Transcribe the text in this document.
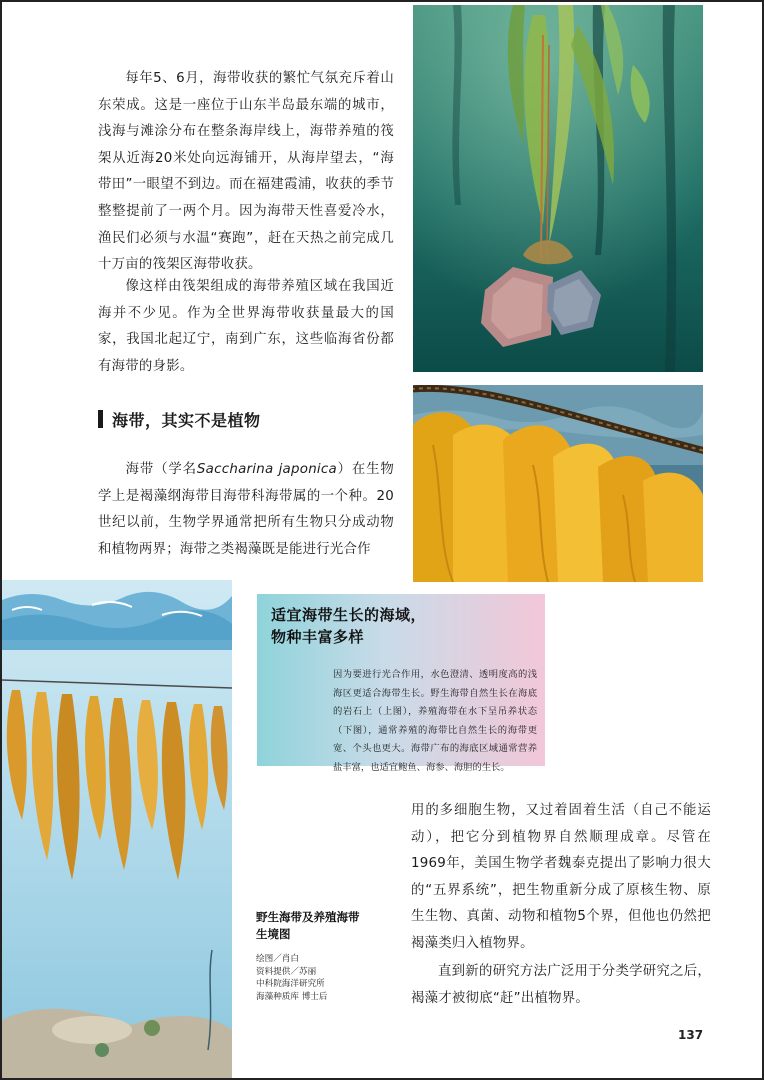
每年5、6月，海带收获的繁忙气氛充斥着山东荣成。这是一座位于山东半岛最东端的城市，浅海与滩涂分布在整条海岸线上，海带养殖的筏架从近海20米处向远海铺开，从海岸望去，“海带田”一眼望不到边。而在福建霞浦，收获的季节整整提前了一两个月。因为海带天性喜爱冷水，渔民们必须与水温“赛跑”，赶在天热之前完成几十万亩的筏架区海带收获。

像这样由筏架组成的海带养殖区域在我国近海并不少见。作为全世界海带收获量最大的国家，我国北起辽宁，南到广东，这些临海省份都有海带的身影。

海带，其实不是植物

海带（学名Saccharina japonica）在生物学上是褐藻纲海带目海带科海带属的一个种。20世纪以前，生物学界通常把所有生物只分成动物和植物两界；海带之类褐藻既是能进行光合作

适宜海带生长的海域，
物种丰富多样

因为要进行光合作用，水色澄清、透明度高的浅海区更适合海带生长。野生海带自然生长在海底的岩石上（上图），养殖海带在水下呈吊养状态（下图），通常养殖的海带比自然生长的海带更宽、个头也更大。海带广布的海底区域通常营养盐丰富，也适宜鲍鱼、海参、海胆的生长。

野生海带及养殖海带
生境图

绘图／肖白

资料提供／苏丽

中科院海洋研究所

海藻种质库 博士后

用的多细胞生物，又过着固着生活（自己不能运动），把它分到植物界自然顺理成章。尽管在1969年，美国生物学者魏泰克提出了影响力很大的“五界系统”，把生物重新分成了原核生物、原生生物、真菌、动物和植物5个界，但他也仍然把褐藻类归入植物界。

直到新的研究方法广泛用于分类学研究之后，褐藻才被彻底“赶”出植物界。

137
